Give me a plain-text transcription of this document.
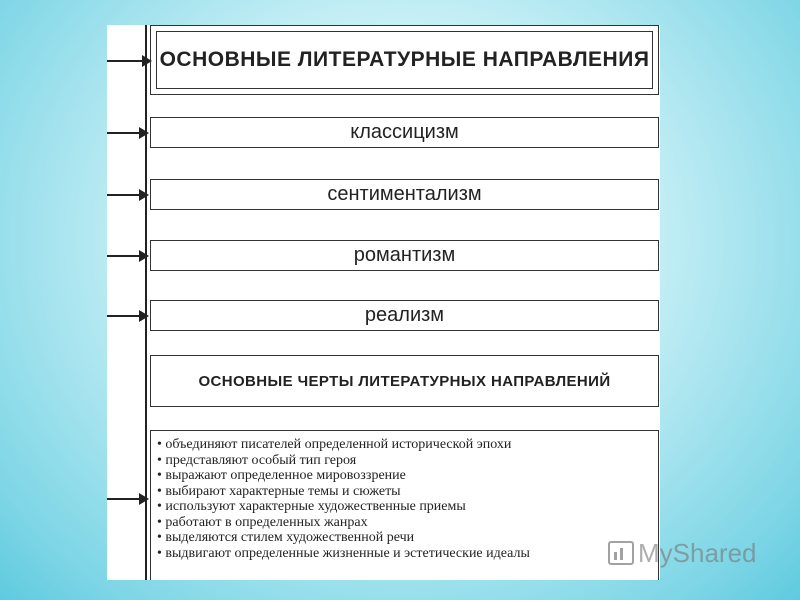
ОСНОВНЫЕ ЛИТЕРАТУРНЫЕ НАПРАВЛЕНИЯ
классицизм
сентиментализм
романтизм
реализм
ОСНОВНЫЕ ЧЕРТЫ ЛИТЕРАТУРНЫХ НАПРАВЛЕНИЙ
• объединяют писателей определенной исторической эпохи
• представляют особый тип героя
• выражают определенное мировоззрение
• выбирают характерные темы и сюжеты
• используют характерные художественные приемы
• работают в определенных жанрах
• выделяются стилем художественной речи
• выдвигают определенные жизненные и эстетические идеалы	MyShared
